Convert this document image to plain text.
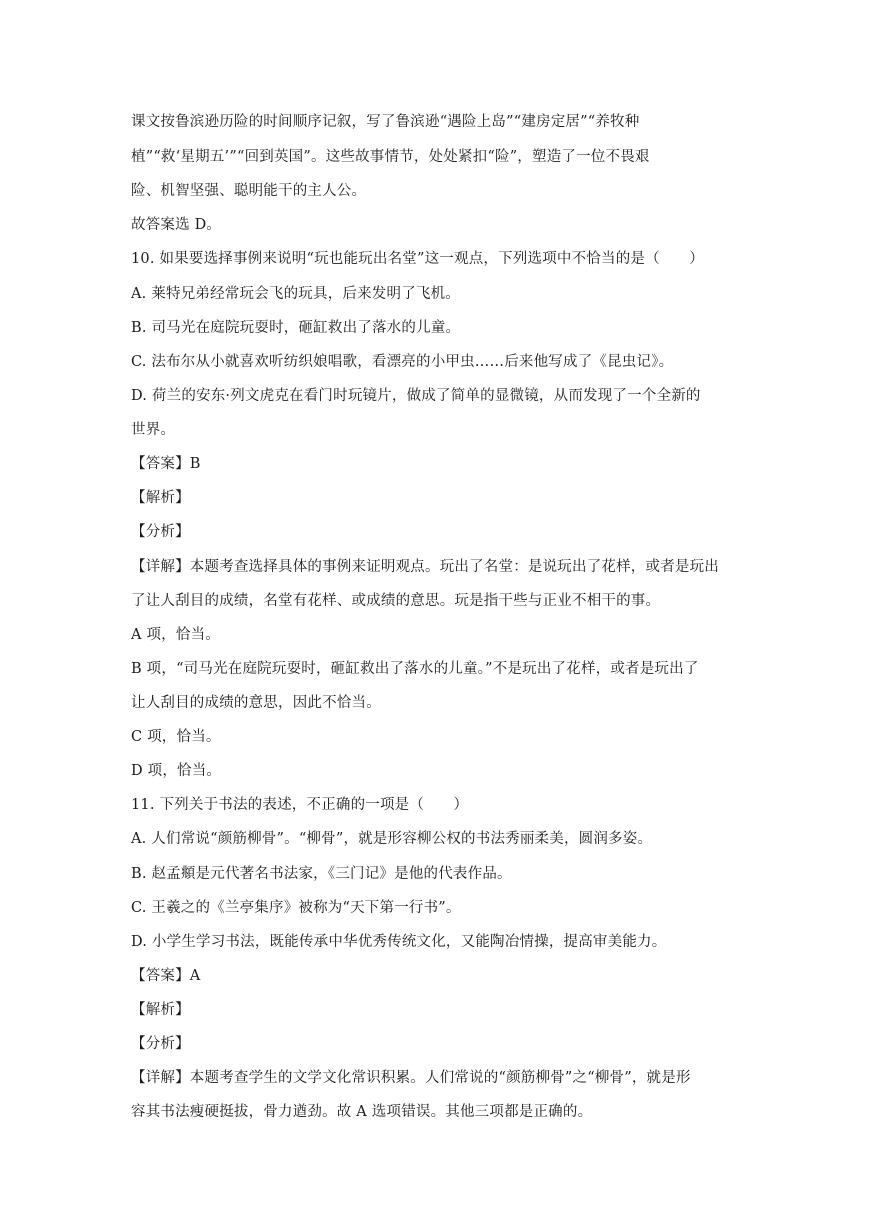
课文按鲁滨逊历险的时间顺序记叙，写了鲁滨逊“遇险上岛”“建房定居”“养牧种
植”“救‘星期五’”“回到英国”。这些故事情节，处处紧扣“险”，塑造了一位不畏艰
险、机智坚强、聪明能干的主人公。
故答案选 D。
10. 如果要选择事例来说明“玩也能玩出名堂”这一观点，下列选项中不恰当的是（　　）
A. 莱特兄弟经常玩会飞的玩具，后来发明了飞机。
B. 司马光在庭院玩耍时，砸缸救出了落水的儿童。
C. 法布尔从小就喜欢听纺织娘唱歌，看漂亮的小甲虫……后来他写成了《昆虫记》。
D. 荷兰的安东·列文虎克在看门时玩镜片，做成了简单的显微镜，从而发现了一个全新的
世界。
【答案】B
【解析】
【分析】
【详解】本题考查选择具体的事例来证明观点。玩出了名堂：是说玩出了花样，或者是玩出
了让人刮目的成绩，名堂有花样、或成绩的意思。玩是指干些与正业不相干的事。
A 项，恰当。
B 项，“司马光在庭院玩耍时，砸缸救出了落水的儿童。”不是玩出了花样，或者是玩出了
让人刮目的成绩的意思，因此不恰当。
C 项，恰当。
D 项，恰当。
11. 下列关于书法的表述，不正确的一项是（　　）
A. 人们常说“颜筋柳骨”。“柳骨”，就是形容柳公权的书法秀丽柔美，圆润多姿。
B. 赵孟頫是元代著名书法家，《三门记》是他的代表作品。
C. 王羲之的《兰亭集序》被称为“天下第一行书”。
D. 小学生学习书法，既能传承中华优秀传统文化，又能陶冶情操，提高审美能力。
【答案】A
【解析】
【分析】
【详解】本题考查学生的文学文化常识积累。人们常说的“颜筋柳骨”之“柳骨”，就是形
容其书法瘦硬挺拔，骨力遒劲。故 A 选项错误。其他三项都是正确的。
